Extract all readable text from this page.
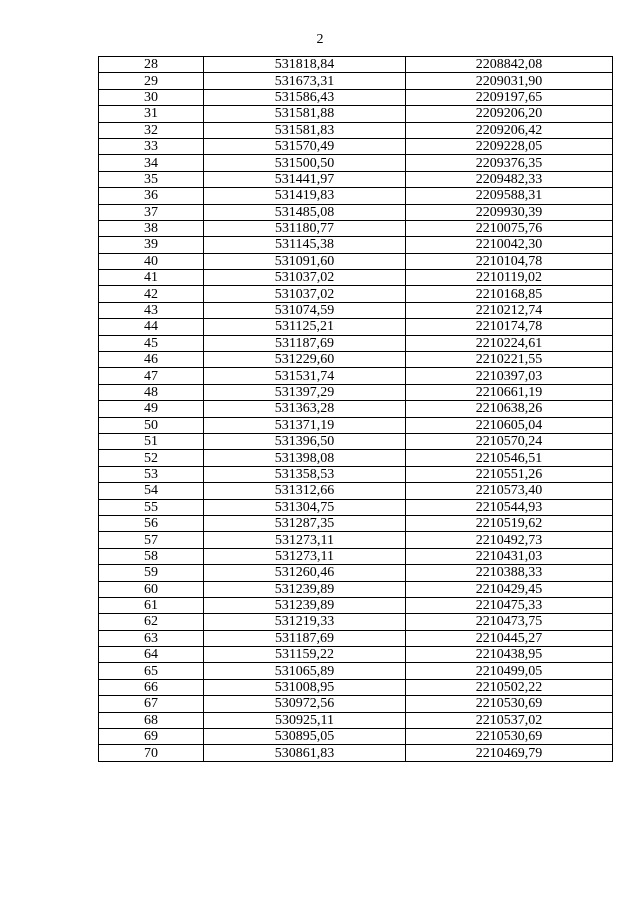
2
28	531818,84	2208842,08
29	531673,31	2209031,90
30	531586,43	2209197,65
31	531581,88	2209206,20
32	531581,83	2209206,42
33	531570,49	2209228,05
34	531500,50	2209376,35
35	531441,97	2209482,33
36	531419,83	2209588,31
37	531485,08	2209930,39
38	531180,77	2210075,76
39	531145,38	2210042,30
40	531091,60	2210104,78
41	531037,02	2210119,02
42	531037,02	2210168,85
43	531074,59	2210212,74
44	531125,21	2210174,78
45	531187,69	2210224,61
46	531229,60	2210221,55
47	531531,74	2210397,03
48	531397,29	2210661,19
49	531363,28	2210638,26
50	531371,19	2210605,04
51	531396,50	2210570,24
52	531398,08	2210546,51
53	531358,53	2210551,26
54	531312,66	2210573,40
55	531304,75	2210544,93
56	531287,35	2210519,62
57	531273,11	2210492,73
58	531273,11	2210431,03
59	531260,46	2210388,33
60	531239,89	2210429,45
61	531239,89	2210475,33
62	531219,33	2210473,75
63	531187,69	2210445,27
64	531159,22	2210438,95
65	531065,89	2210499,05
66	531008,95	2210502,22
67	530972,56	2210530,69
68	530925,11	2210537,02
69	530895,05	2210530,69
70	530861,83	2210469,79
